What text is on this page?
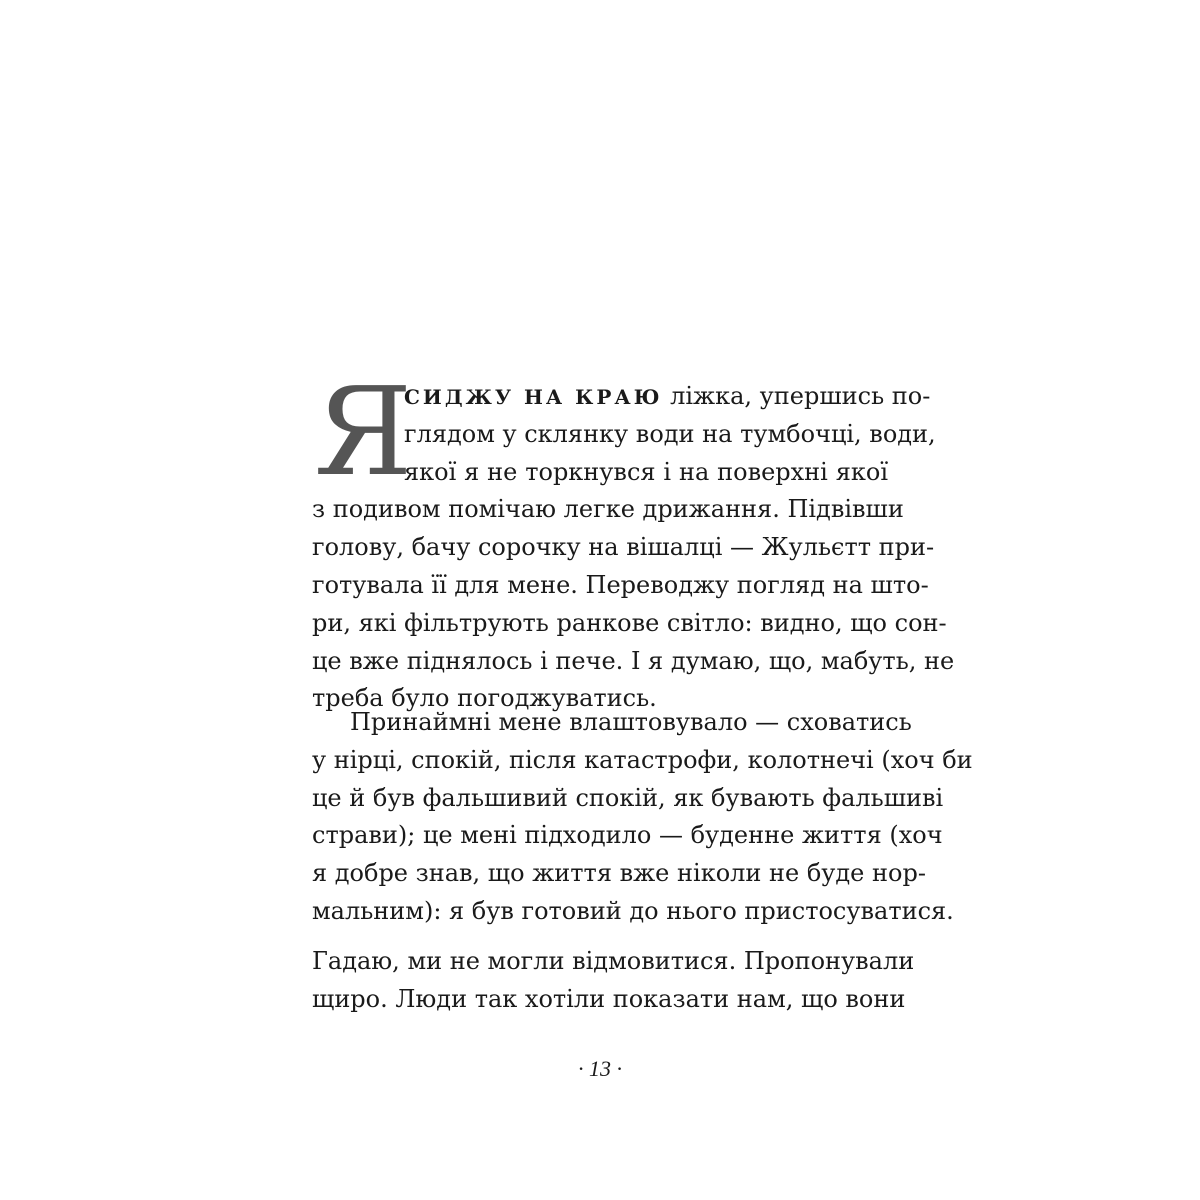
Я
СИДЖУ НА КРАЮ ліжка, упершись по-
глядом у склянку води на тумбочці, води,
якої я не торкнувся і на поверхні якої
з подивом помічаю легке дрижання. Підвівши
голову, бачу сорочку на вішалці — Жульєтт при-
готувала її для мене. Переводжу погляд на што-
ри, які фільтрують ранкове світло: видно, що сон-
це вже піднялось і пече. І я думаю, що, мабуть, не
треба було погоджуватись.
Принаймні мене влаштовувало — сховатись
у нірці, спокій, після катастрофи, колотнечі (хоч би
це й був фальшивий спокій, як бувають фальшиві
страви); це мені підходило — буденне життя (хоч
я добре знав, що життя вже ніколи не буде нор-
мальним): я був готовий до нього пристосуватися.
Гадаю, ми не могли відмовитися. Пропонували
щиро. Люди так хотіли показати нам, що вони
· 13 ·
